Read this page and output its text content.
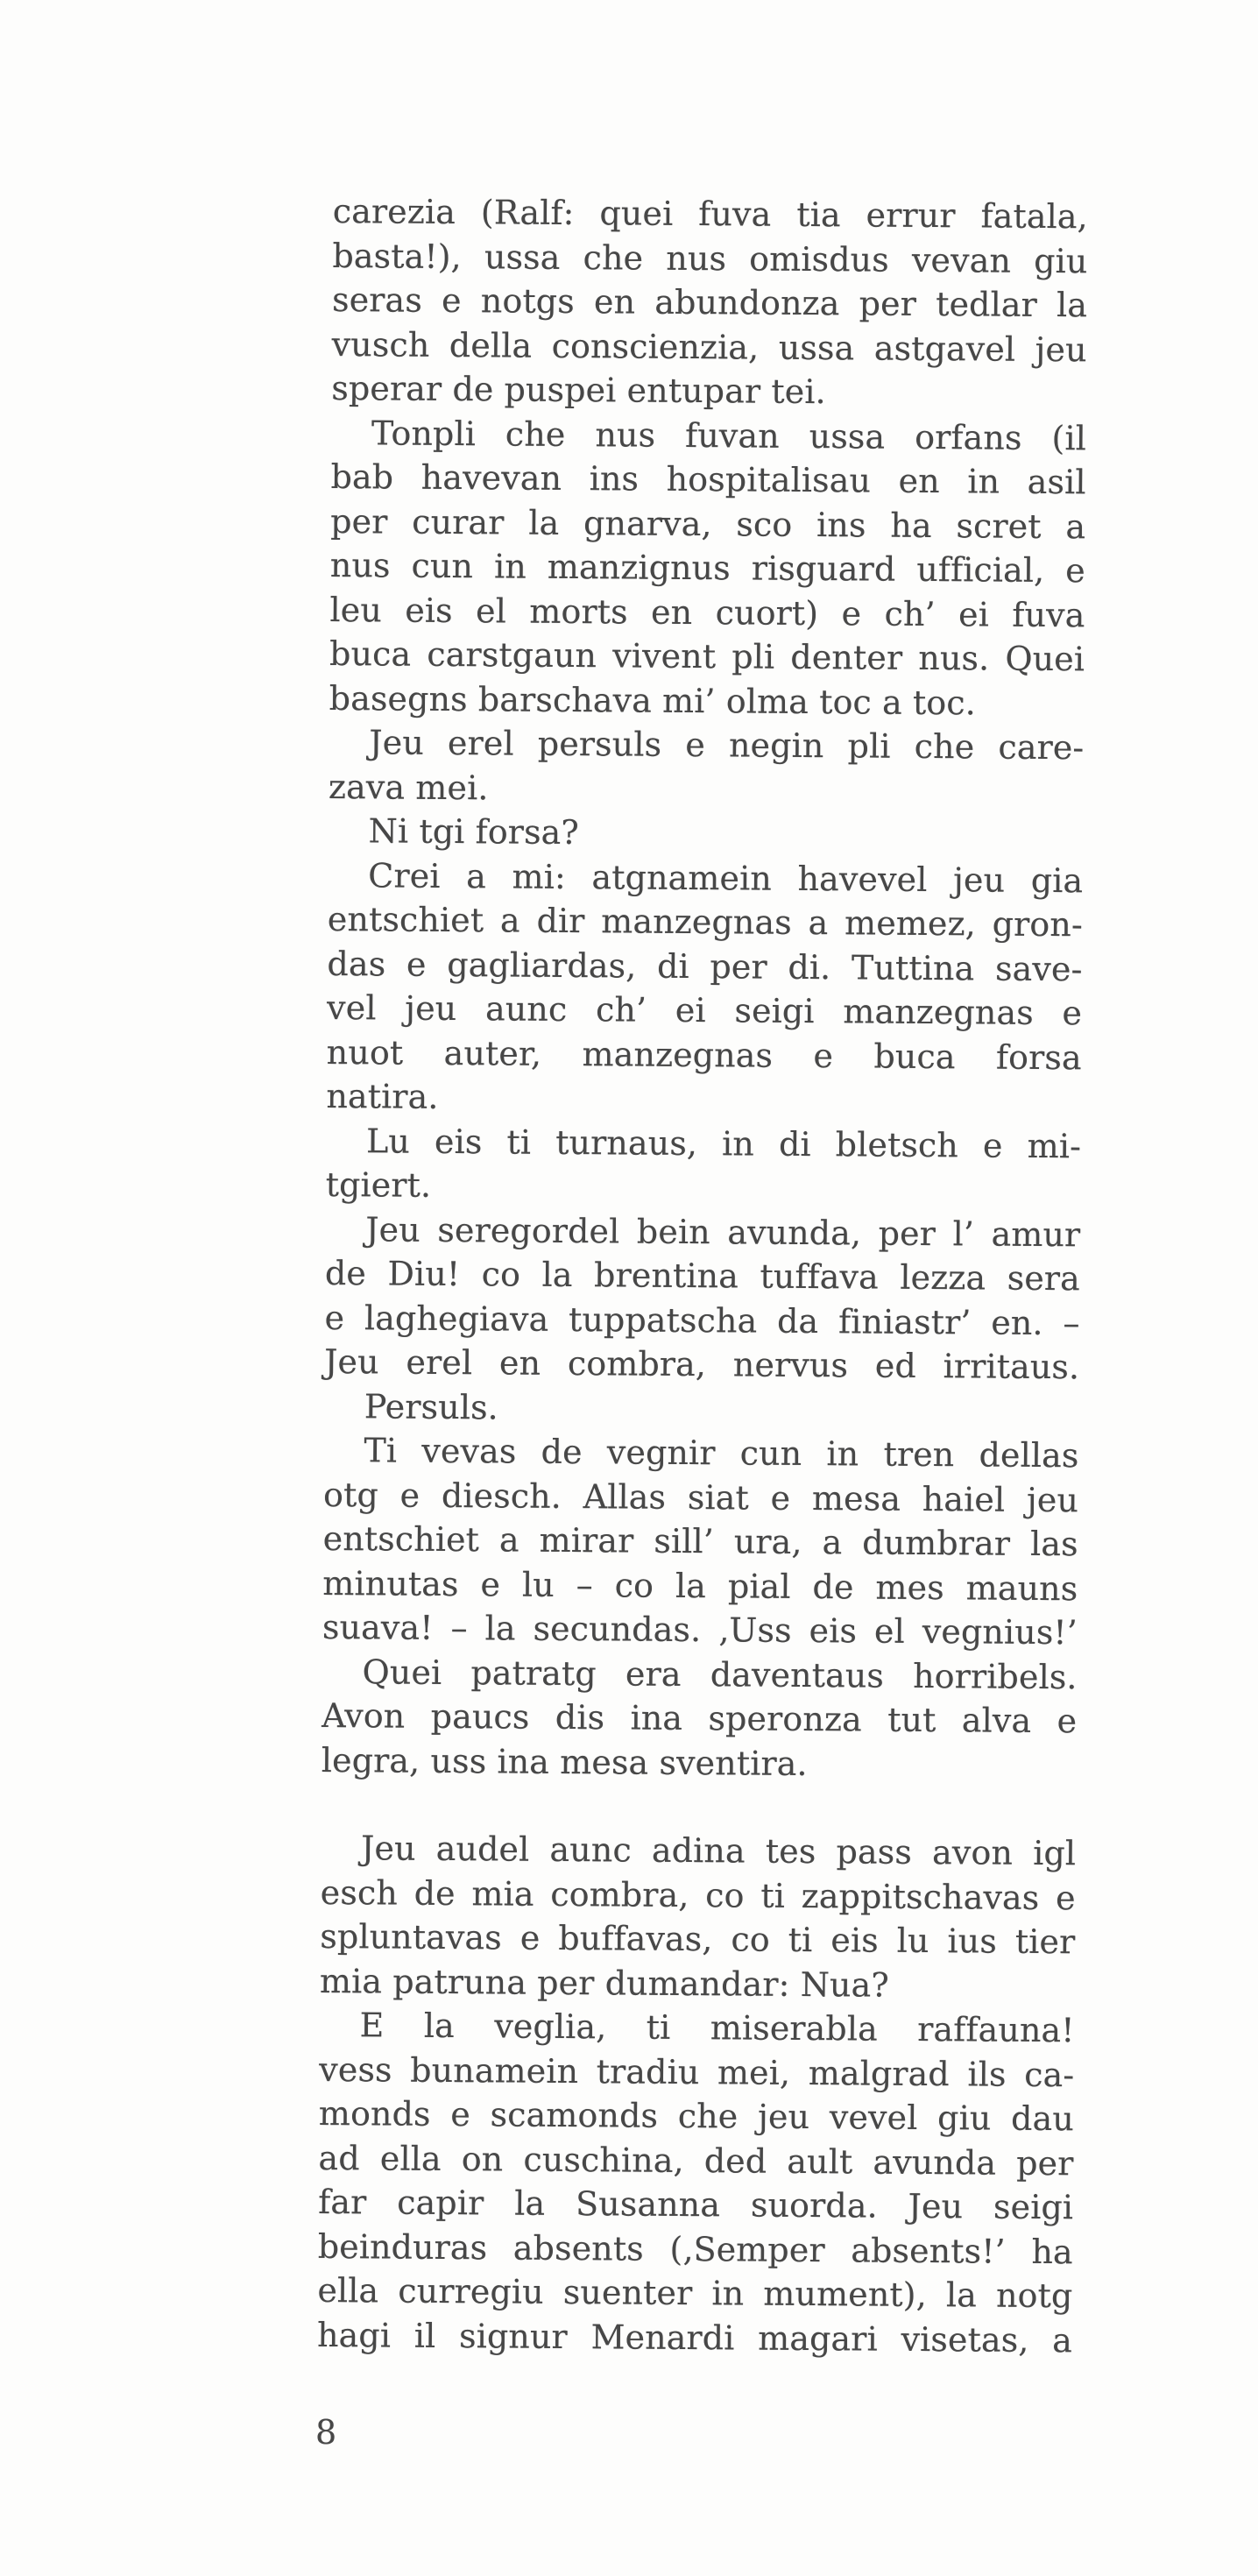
carezia (Ralf: quei fuva tia errur fatala,
basta!), ussa che nus omisdus vevan giu
seras e notgs en abundonza per tedlar la
vusch della conscienzia, ussa astgavel jeu
sperar de puspei entupar tei.
Tonpli che nus fuvan ussa orfans (il
bab havevan ins hospitalisau en in asil
per curar la gnarva, sco ins ha scret a
nus cun in manzignus risguard ufficial, e
leu eis el morts en cuort) e ch’ ei fuva
buca carstgaun vivent pli denter nus. Quei
basegns barschava mi’ olma toc a toc.
Jeu erel persuls e negin pli che care-
zava mei.
Ni tgi forsa?
Crei a mi: atgnamein havevel jeu gia
entschiet a dir manzegnas a memez, gron-
das e gagliardas, di per di. Tuttina save-
vel jeu aunc ch’ ei seigi manzegnas e
nuot auter, manzegnas e buca forsa
natira.
Lu eis ti turnaus, in di bletsch e mi-
tgiert.
Jeu seregordel bein avunda, per l’ amur
de Diu! co la brentina tuffava lezza sera
e laghegiava tuppatscha da finiastr’ en. –
Jeu erel en combra, nervus ed irritaus.
Persuls.
Ti vevas de vegnir cun in tren dellas
otg e diesch. Allas siat e mesa haiel jeu
entschiet a mirar sill’ ura, a dumbrar las
minutas e lu – co la pial de mes mauns
suava! – la secundas. ‚Uss eis el vegnius!’
Quei patratg era daventaus horribels.
Avon paucs dis ina speronza tut alva e
legra, uss ina mesa sventira.
Jeu audel aunc adina tes pass avon igl
esch de mia combra, co ti zappitschavas e
spluntavas e buffavas, co ti eis lu ius tier
mia patruna per dumandar: Nua?
E la veglia, ti miserabla raffauna!
vess bunamein tradiu mei, malgrad ils ca-
monds e scamonds che jeu vevel giu dau
ad ella on cuschina, ded ault avunda per
far capir la Susanna suorda. Jeu seigi
beinduras absents (‚Semper absents!’ ha
ella curregiu suenter in mument), la notg
hagi il signur Menardi magari visetas, a
8
